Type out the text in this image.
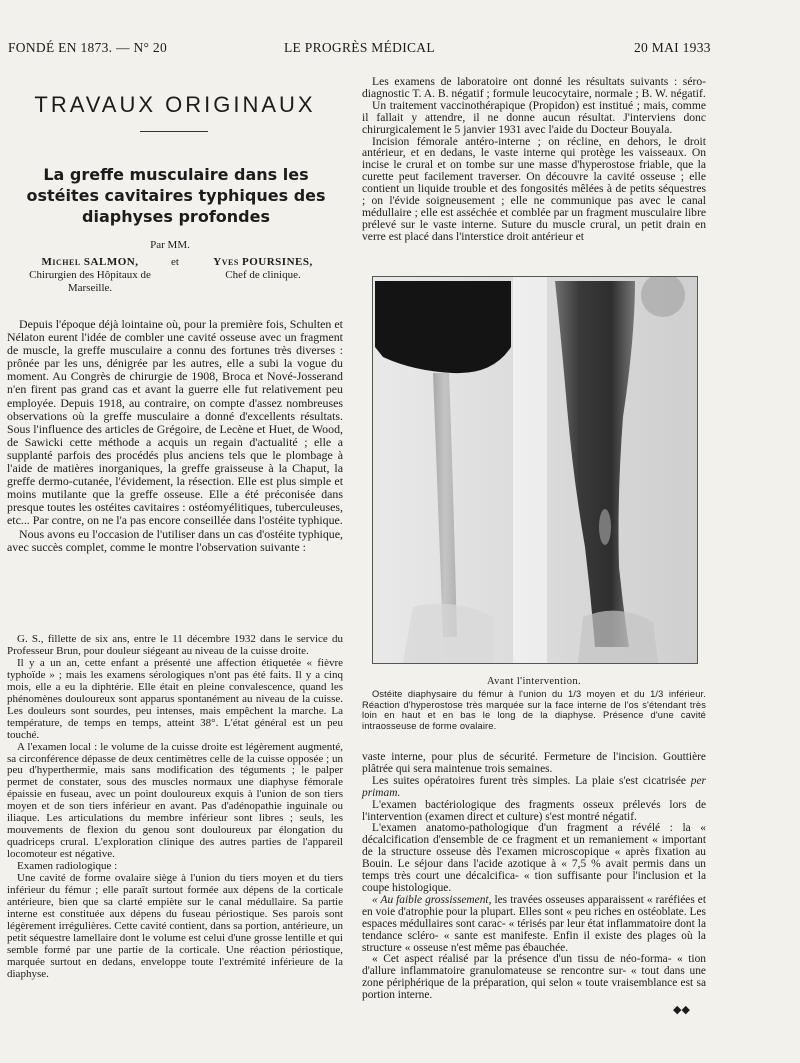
FONDÉ EN 1873. — N° 20	LE PROGRÈS MÉDICAL	20 MAI 1933
TRAVAUX ORIGINAUX
La greffe musculaire dans les ostéites cavitaires typhiques des diaphyses profondes
Par MM.
Michel SALMON,
Chirurgien des Hôpitaux de Marseille.
et	Yves POURSINES,
Chef de clinique.

Depuis l'époque déjà lointaine où, pour la première fois, Schulten et Nélaton eurent l'idée de combler une cavité osseuse avec un fragment de muscle, la greffe musculaire a connu des fortunes très diverses : prônée par les uns, dénigrée par les autres, elle a subi la vogue du moment. Au Congrès de chirurgie de 1908, Broca et Nové-Josserand n'en firent pas grand cas et avant la guerre elle fut relativement peu employée. Depuis 1918, au contraire, on compte d'assez nombreuses observations où la greffe musculaire a donné d'excellents résultats. Sous l'influence des articles de Grégoire, de Lecène et Huet, de Wood, de Sawicki cette méthode a acquis un regain d'actualité ; elle a supplanté parfois des procédés plus anciens tels que le plombage à l'aide de matières inorganiques, la greffe graisseuse à la Chaput, la greffe dermo-cutanée, l'évidement, la résection. Elle est plus simple et moins mutilante que la greffe osseuse. Elle a été préconisée dans presque toutes les ostéites cavitaires : ostéomyélitiques, tuberculeuses, etc... Par contre, on ne l'a pas encore conseillée dans l'ostéite typhique.

Nous avons eu l'occasion de l'utiliser dans un cas d'ostéite typhique, avec succès complet, comme le montre l'observation suivante :

G. S., fillette de six ans, entre le 11 décembre 1932 dans le service du Professeur Brun, pour douleur siégeant au niveau de la cuisse droite.

Il y a un an, cette enfant a présenté une affection étiquetée « fièvre typhoïde » ; mais les examens sérologiques n'ont pas été faits. Il y a cinq mois, elle a eu la diphtérie. Elle était en pleine convalescence, quand les phénomènes douloureux sont apparus spontanément au niveau de la cuisse. Les douleurs sont sourdes, peu intenses, mais empêchent la marche. La température, de temps en temps, atteint 38°. L'état général est un peu touché.

A l'examen local : le volume de la cuisse droite est légèrement augmenté, sa circonférence dépasse de deux centimètres celle de la cuisse opposée ; un peu d'hyperthermie, mais sans modification des téguments ; le palper permet de constater, sous des muscles normaux une diaphyse fémorale épaissie en fuseau, avec un point douloureux exquis à l'union de son tiers moyen et de son tiers inférieur en avant. Pas d'adénopathie inguinale ou iliaque. Les articulations du membre inférieur sont libres ; seuls, les mouvements de flexion du genou sont douloureux par élongation du quadriceps crural. L'exploration clinique des autres parties de l'appareil locomoteur est négative.

Examen radiologique :

Une cavité de forme ovalaire siège à l'union du tiers moyen et du tiers inférieur du fémur ; elle paraît surtout formée aux dépens de la corticale antérieure, bien que sa clarté empiète sur le canal médullaire. Sa partie interne est constituée aux dépens du fuseau périostique. Ses parois sont légèrement irrégulières. Cette cavité contient, dans sa portion, antérieure, un petit séquestre lamellaire dont le volume est celui d'une grosse lentille et qui semble formé par une partie de la corticale. Une réaction périostique, marquée surtout en dedans, enveloppe toute l'extrémité inférieure de la diaphyse.

Les examens de laboratoire ont donné les résultats suivants : séro-diagnostic T. A. B. négatif ; formule leucocytaire, normale ; B. W. négatif.

Un traitement vaccinothérapique (Propidon) est institué ; mais, comme il fallait y attendre, il ne donne aucun résultat. J'interviens donc chirurgicalement le 5 janvier 1931 avec l'aide du Docteur Bouyala.

Incision fémorale antéro-interne ; on récline, en dehors, le droit antérieur, et en dedans, le vaste interne qui protège les vaisseaux. On incise le crural et on tombe sur une masse d'hyperostose friable, que la curette peut facilement traverser. On découvre la cavité osseuse ; elle contient un liquide trouble et des fongosités mêlées à de petits séquestres ; on l'évide soigneusement ; elle ne communique pas avec le canal médullaire ; elle est asséchée et comblée par un fragment musculaire libre prélevé sur le vaste interne. Suture du muscle crural, un petit drain en verre est placé dans l'interstice droit antérieur et

Avant l'intervention.

Ostéite diaphysaire du fémur à l'union du 1/3 moyen et du 1/3 inférieur. Réaction d'hyperostose très marquée sur la face interne de l'os s'étendant très loin en haut et en bas le long de la diaphyse. Présence d'une cavité intraosseuse de forme ovalaire.

vaste interne, pour plus de sécurité. Fermeture de l'incision. Gouttière plâtrée qui sera maintenue trois semaines.

Les suites opératoires furent très simples. La plaie s'est cicatrisée per primam.

L'examen bactériologique des fragments osseux prélevés lors de l'intervention (examen direct et culture) s'est montré négatif.

L'examen anatomo-pathologique d'un fragment a révélé : la « décalcification d'ensemble de ce fragment et un remaniement « important de la structure osseuse dès l'examen microscopique « après fixation au Bouin. Le séjour dans l'acide azotique à « 7,5 % avait permis dans un temps très court une décalcifica- « tion suffisante pour l'inclusion et la coupe histologique.

« Au faible grossissement, les travées osseuses apparaissent « raréfiées et en voie d'atrophie pour la plupart. Elles sont « peu riches en ostéoblate. Les espaces médullaires sont carac- « térisés par leur état inflammatoire dont la tendance scléro- « sante est manifeste. Enfin il existe des plages où la structure « osseuse n'est même pas ébauchée.

« Cet aspect réalisé par la présence d'un tissu de néo-forma- « tion d'allure inflammatoire granulomateuse se rencontre sur- « tout dans une zone périphérique de la préparation, qui selon « toute vraisemblance est sa portion interne.

◆◆
